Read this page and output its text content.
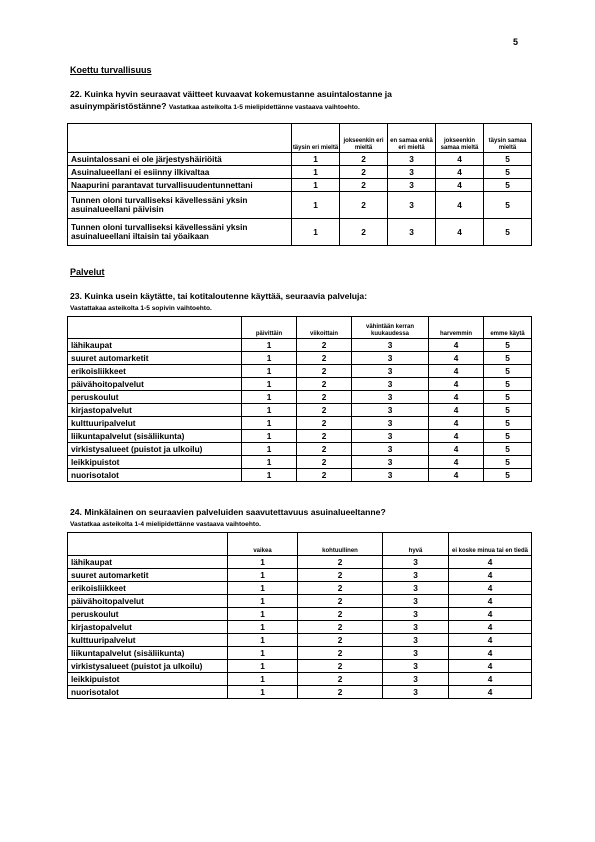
5
Koettu turvallisuus
22. Kuinka hyvin seuraavat väitteet kuvaavat kokemustanne asuintalostanne ja
asuinympäristöstänne? Vastatkaa asteikolta 1-5 mielipidettänne vastaava vaihtoehto.
	täysin eri mieltä	jokseenkin eri mieltä	en samaa enkä eri mieltä	jokseenkin samaa mieltä	täysin samaa mieltä
Asuintalossani ei ole järjestyshäiriöitä	1	2	3	4	5
Asuinalueellani ei esiinny ilkivaltaa	1	2	3	4	5
Naapurini parantavat turvallisuudentunnettani	1	2	3	4	5
Tunnen oloni turvalliseksi kävellessäni yksin asuinalueellani päivisin	1	2	3	4	5
Tunnen oloni turvalliseksi kävellessäni yksin asuinalueellani iltaisin tai yöaikaan	1	2	3	4	5
Palvelut
23. Kuinka usein käytätte, tai kotitaloutenne käyttää, seuraavia palveluja:
Vastattakaa asteikolta 1-5 sopivin vaihtoehto.
	päivittäin	viikoittain	vähintään kerran kuukaudessa	harvemmin	emme käytä
lähikaupat	1	2	3	4	5
suuret automarketit	1	2	3	4	5
erikoisliikkeet	1	2	3	4	5
päivähoitopalvelut	1	2	3	4	5
peruskoulut	1	2	3	4	5
kirjastopalvelut	1	2	3	4	5
kulttuuripalvelut	1	2	3	4	5
liikuntapalvelut (sisäliikunta)	1	2	3	4	5
virkistysalueet (puistot ja ulkoilu)	1	2	3	4	5
leikkipuistot	1	2	3	4	5
nuorisotalot	1	2	3	4	5
24. Minkälainen on seuraavien palveluiden saavutettavuus asuinalueeltanne?
Vastatkaa asteikolta 1-4 mielipidettänne vastaava vaihtoehto.
	vaikea	kohtuullinen	hyvä	ei koske minua tai en tiedä
lähikaupat	1	2	3	4
suuret automarketit	1	2	3	4
erikoisliikkeet	1	2	3	4
päivähoitopalvelut	1	2	3	4
peruskoulut	1	2	3	4
kirjastopalvelut	1	2	3	4
kulttuuripalvelut	1	2	3	4
liikuntapalvelut (sisäliikunta)	1	2	3	4
virkistysalueet (puistot ja ulkoilu)	1	2	3	4
leikkipuistot	1	2	3	4
nuorisotalot	1	2	3	4
